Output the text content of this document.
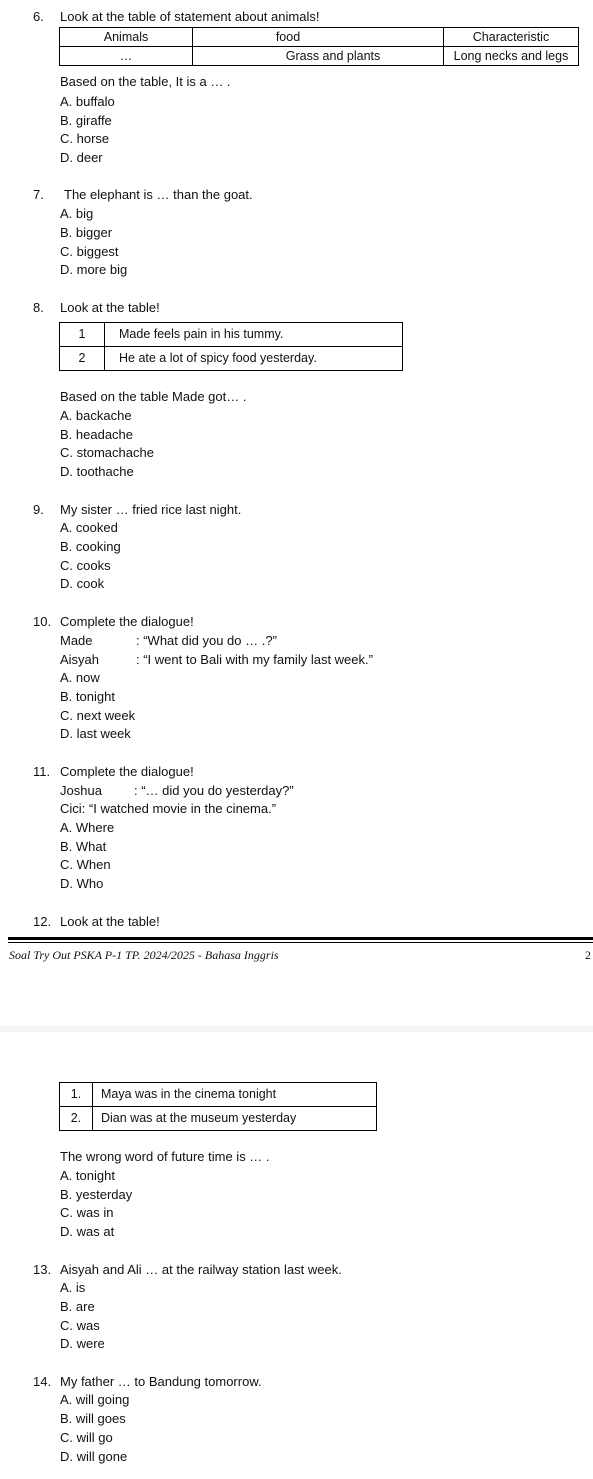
6. Look at the table of statement about animals!
Animals	food	Characteristic
…	Grass and plants	Long necks and legs
Based on the table, It is a … .
A. buffalo
B. giraffe
C. horse
D. deer
7. The elephant is … than the goat.
A. big
B. bigger
C. biggest
D. more big
8. Look at the table!
1	Made feels pain in his tummy.
2	He ate a lot of spicy food yesterday.
Based on the table Made got… .
A. backache
B. headache
C. stomachache
D. toothache
9. My sister … fried rice last night.
A. cooked
B. cooking
C. cooks
D. cook
10. Complete the dialogue!
Made	: “What did you do … .?”
Aisyah	: “I went to Bali with my family last week.”
A. now
B. tonight
C. next week
D. last week
11. Complete the dialogue!
Joshua : “… did you do yesterday?”
Cici: “I watched movie in the cinema.”
A. Where
B. What
C. When
D. Who
12. Look at the table!
Soal Try Out PSKA P-1 TP. 2024/2025 - Bahasa Inggris	2
1.	Maya was in the cinema tonight
2.	Dian was at the museum yesterday
The wrong word of future time is … .
A. tonight
B. yesterday
C. was in
D. was at
13. Aisyah and Ali … at the railway station last week.
A. is
B. are
C. was
D. were
14. My father … to Bandung tomorrow.
A. will going
B. will goes
C. will go
D. will gone
